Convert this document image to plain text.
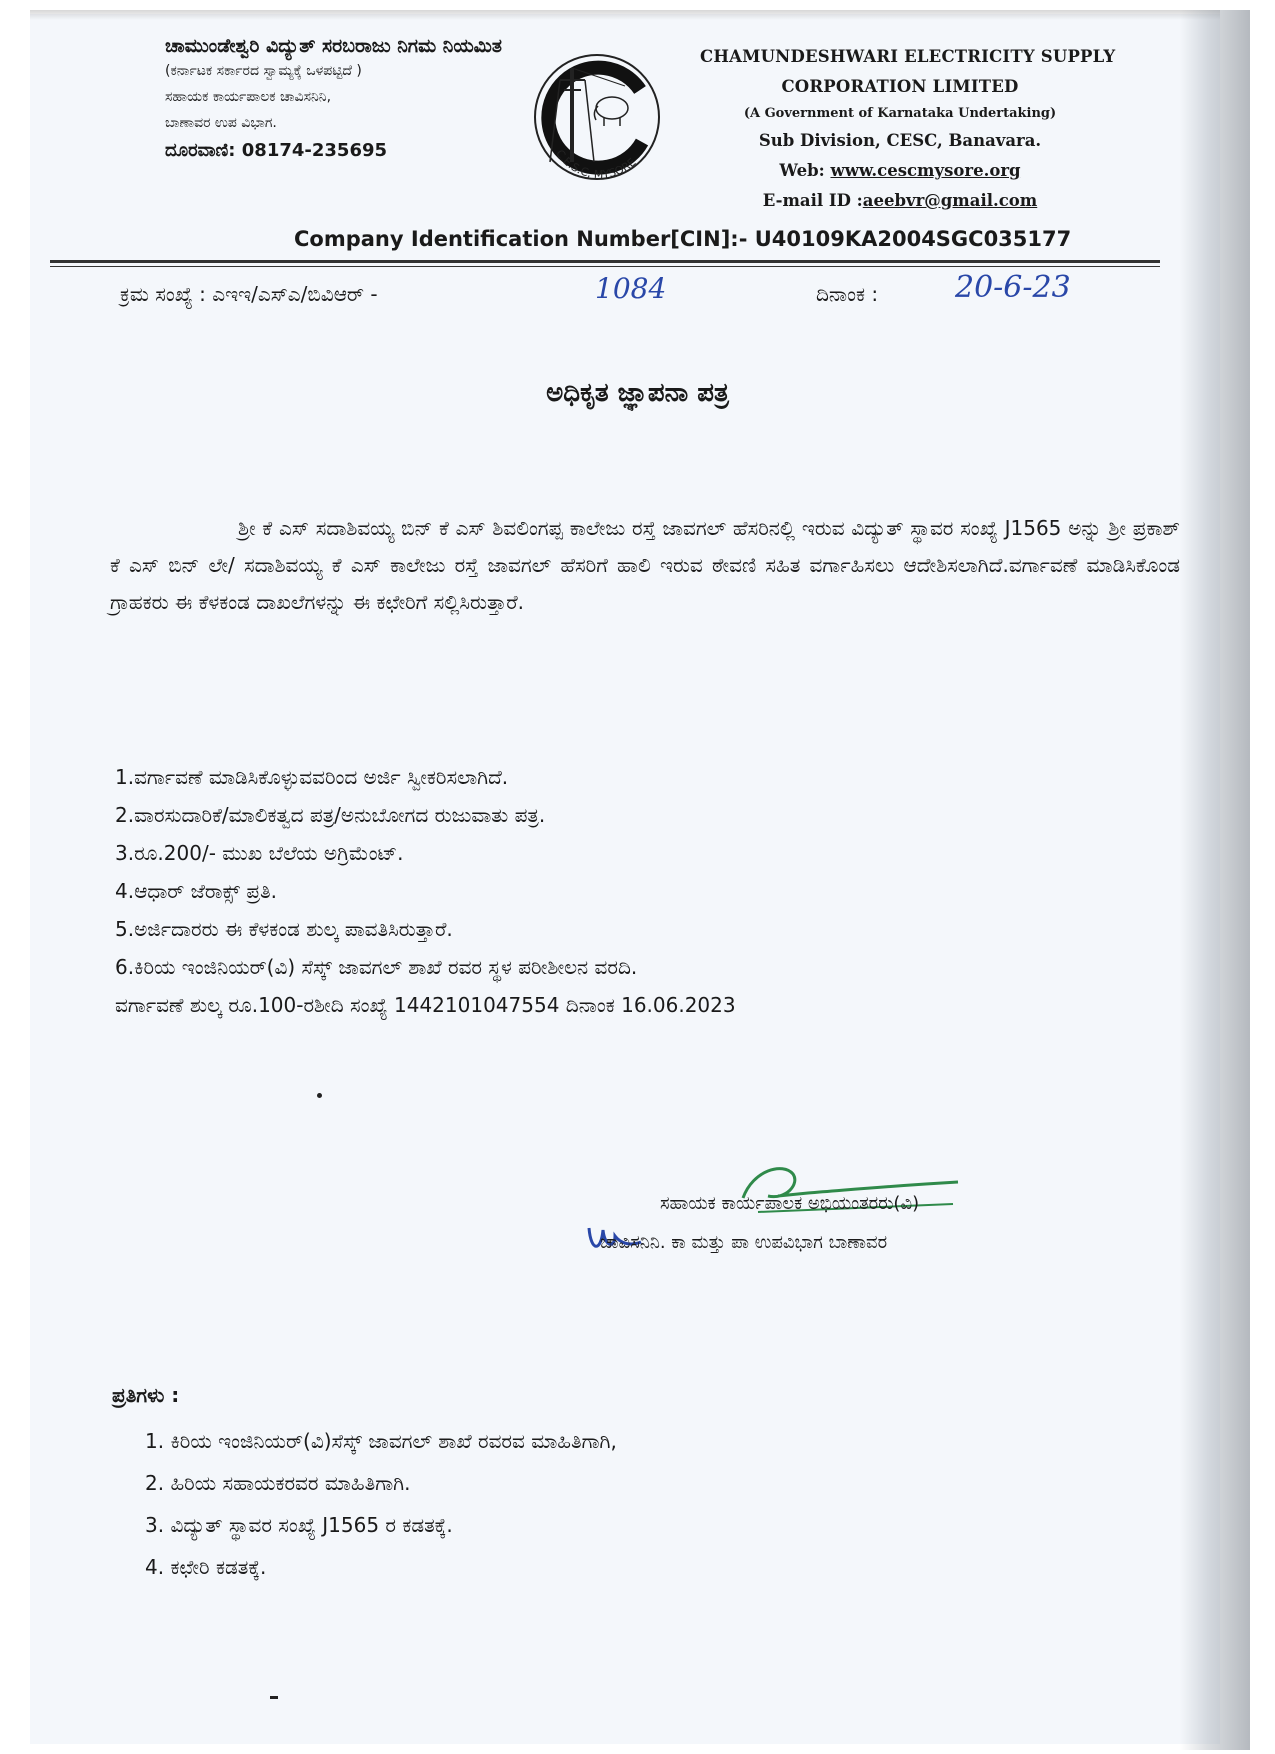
ಚಾಮುಂಡೇಶ್ವರಿ ವಿದ್ಯುತ್ ಸರಬರಾಜು ನಿಗಮ ನಿಯಮಿತ
(ಕರ್ನಾಟಕ ಸರ್ಕಾರದ ಸ್ವಾಮ್ಯಕ್ಕೆ ಒಳಪಟ್ಟಿದೆ )
ಸಹಾಯಕ ಕಾರ್ಯಪಾಲಕ ಚಾವಿಸನಿನಿ,
ಬಾಣಾವರ ಉಪ ವಿಭಾಗ.
ದೂರವಾಣಿ: 08174-235695	C.E.S.C, MYSORE
CHAMUNDESHWARI ELECTRICITY SUPPLY
CORPORATION LIMITED
(A Government of Karnataka Undertaking)
Sub Division, CESC, Banavara.
Web: www.cescmysore.org
E-mail ID :aeebvr@gmail.com
Company Identification Number[CIN]:- U40109KA2004SGC035177
ಕ್ರಮ ಸಂಖ್ಯೆ : ಎಇಇ/ಎಸ್ಎ/ಬಿವಿಆರ್ -	1084	ದಿನಾಂಕ :	20-6-23
ಅಧಿಕೃತ ಜ್ಞಾಪನಾ ಪತ್ರ
ಶ್ರೀ ಕೆ ಎಸ್ ಸದಾಶಿವಯ್ಯ ಬಿನ್ ಕೆ ಎಸ್ ಶಿವಲಿಂಗಪ್ಪ ಕಾಲೇಜು ರಸ್ತೆ ಜಾವಗಲ್ ಹೆಸರಿನಲ್ಲಿ ಇರುವ ವಿದ್ಯುತ್ ಸ್ಥಾವರ ಸಂಖ್ಯೆ J1565 ಅನ್ನು ಶ್ರೀ ಪ್ರಕಾಶ್ ಕೆ ಎಸ್ ಬಿನ್ ಲೇ/ ಸದಾಶಿವಯ್ಯ ಕೆ ಎಸ್ ಕಾಲೇಜು ರಸ್ತೆ ಜಾವಗಲ್ ಹೆಸರಿಗೆ ಹಾಲಿ ಇರುವ ಠೇವಣಿ ಸಹಿತ ವರ್ಗಾಹಿಸಲು ಆದೇಶಿಸಲಾಗಿದೆ.ವರ್ಗಾವಣೆ ಮಾಡಿಸಿಕೊಂಡ ಗ್ರಾಹಕರು ಈ ಕೆಳಕಂಡ ದಾಖಲೆಗಳನ್ನು ಈ ಕಛೇರಿಗೆ ಸಲ್ಲಿಸಿರುತ್ತಾರೆ.
1.ವರ್ಗಾವಣೆ ಮಾಡಿಸಿಕೊಳ್ಳುವವರಿಂದ ಅರ್ಜಿ ಸ್ವೀಕರಿಸಲಾಗಿದೆ.
2.ವಾರಸುದಾರಿಕೆ/ಮಾಲಿಕತ್ವದ ಪತ್ರ/ಅನುಬೋಗದ ರುಜುವಾತು ಪತ್ರ.
3.ರೂ.200/- ಮುಖ ಬೆಲೆಯ ಅಗ್ರಿಮೆಂಟ್.
4.ಆಧಾರ್ ಜೆರಾಕ್ಸ್ ಪ್ರತಿ.
5.ಅರ್ಜಿದಾರರು ಈ ಕೆಳಕಂಡ ಶುಲ್ಕ ಪಾವತಿಸಿರುತ್ತಾರೆ.
6.ಕಿರಿಯ ಇಂಜಿನಿಯರ್(ವಿ) ಸೆಸ್ಕ್ ಜಾವಗಲ್ ಶಾಖೆ ರವರ ಸ್ಥಳ ಪರೀಶೀಲನ ವರದಿ.
ವರ್ಗಾವಣೆ ಶುಲ್ಕ ರೂ.100-ರಶೀದಿ ಸಂಖ್ಯೆ 1442101047554 ದಿನಾಂಕ 16.06.2023
ಸಹಾಯಕ ಕಾರ್ಯಪಾಲಕ ಅಭಿಯಂತರರು(ವಿ)
ಚಾವಿಸನಿನಿ. ಕಾ ಮತ್ತು ಪಾ ಉಪವಿಭಾಗ ಬಾಣಾವರ
ಪ್ರತಿಗಳು :
1. ಕಿರಿಯ ಇಂಜಿನಿಯರ್(ವಿ)ಸೆಸ್ಕ್ ಜಾವಗಲ್ ಶಾಖೆ ರವರವ ಮಾಹಿತಿಗಾಗಿ,
2. ಹಿರಿಯ ಸಹಾಯಕರವರ ಮಾಹಿತಿಗಾಗಿ.
3. ವಿದ್ಯುತ್ ಸ್ಥಾವರ ಸಂಖ್ಯೆ J1565 ರ ಕಡತಕ್ಕೆ.
4. ಕಛೇರಿ ಕಡತಕ್ಕೆ.
